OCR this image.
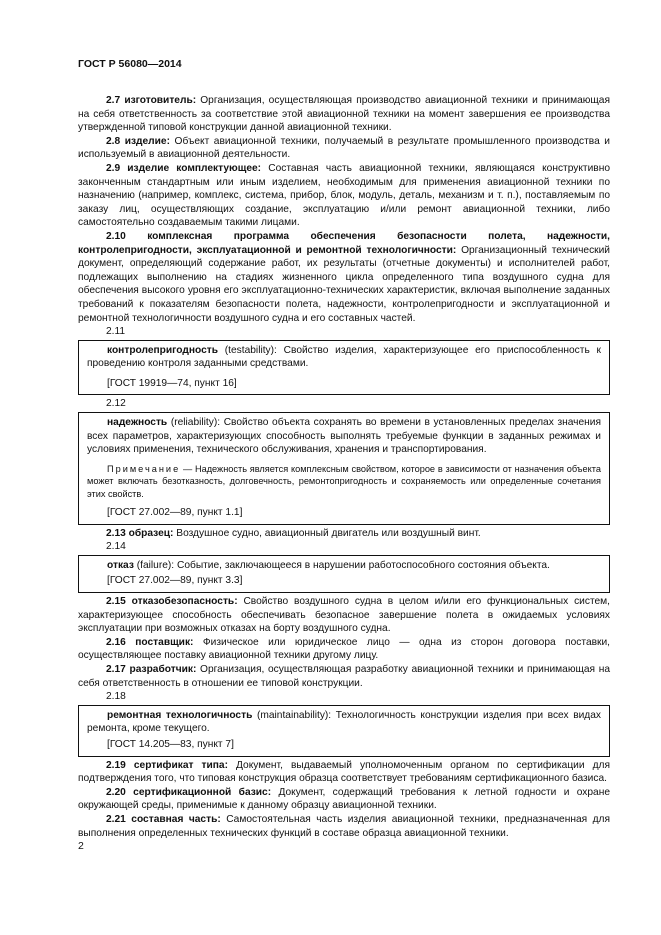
ГОСТ Р 56080—2014

2.7 изготовитель: Организация, осуществляющая производство авиационной техники и принимающая на себя ответственность за соответствие этой авиационной техники на момент завершения ее производства утвержденной типовой конструкции данной авиационной техники.

2.8 изделие: Объект авиационной техники, получаемый в результате промышленного производства и используемый в авиационной деятельности.

2.9 изделие комплектующее: Составная часть авиационной техники, являющаяся конструктивно законченным стандартным или иным изделием, необходимым для применения авиационной техники по назначению (например, комплекс, система, прибор, блок, модуль, деталь, механизм и т. п.), поставляемым по заказу лиц, осуществляющих создание, эксплуатацию и/или ремонт авиационной техники, либо самостоятельно создаваемым такими лицами.

2.10 комплексная программа обеспечения безопасности полета, надежности, контролепригодности, эксплуатационной и ремонтной технологичности: Организационный технический документ, определяющий содержание работ, их результаты (отчетные документы) и исполнителей работ, подлежащих выполнению на стадиях жизненного цикла определенного типа воздушного судна для обеспечения высокого уровня его эксплуатационно-технических характеристик, включая выполнение заданных требований к показателям безопасности полета, надежности, контролепригодности и эксплуатационной и ремонтной технологичности воздушного судна и его составных частей.

2.11

контролепригодность (testability): Свойство изделия, характеризующее его приспособленность к проведению контроля заданными средствами.

[ГОСТ 19919—74, пункт 16]

2.12

надежность (reliability): Свойство объекта сохранять во времени в установленных пределах значения всех параметров, характеризующих способность выполнять требуемые функции в заданных режимах и условиях применения, технического обслуживания, хранения и транспортирования.

Примечание — Надежность является комплексным свойством, которое в зависимости от назначения объекта может включать безотказность, долговечность, ремонтопригодность и сохраняемость или определенные сочетания этих свойств.

[ГОСТ 27.002—89, пункт 1.1]

2.13 образец: Воздушное судно, авиационный двигатель или воздушный винт.

2.14

отказ (failure): Событие, заключающееся в нарушении работоспособного состояния объекта.

[ГОСТ 27.002—89, пункт 3.3]

2.15 отказобезопасность: Свойство воздушного судна в целом и/или его функциональных систем, характеризующее способность обеспечивать безопасное завершение полета в ожидаемых условиях эксплуатации при возможных отказах на борту воздушного судна.

2.16 поставщик: Физическое или юридическое лицо — одна из сторон договора поставки, осуществляющее поставку авиационной техники другому лицу.

2.17 разработчик: Организация, осуществляющая разработку авиационной техники и принимающая на себя ответственность в отношении ее типовой конструкции.

2.18

ремонтная технологичность (maintainability): Технологичность конструкции изделия при всех видах ремонта, кроме текущего.

[ГОСТ 14.205—83, пункт 7]

2.19 сертификат типа: Документ, выдаваемый уполномоченным органом по сертификации для подтверждения того, что типовая конструкция образца соответствует требованиям сертификационного базиса.

2.20 сертификационной базис: Документ, содержащий требования к летной годности и охране окружающей среды, применимые к данному образцу авиационной техники.

2.21 составная часть: Самостоятельная часть изделия авиационной техники, предназначенная для выполнения определенных технических функций в составе образца авиационной техники.

2
